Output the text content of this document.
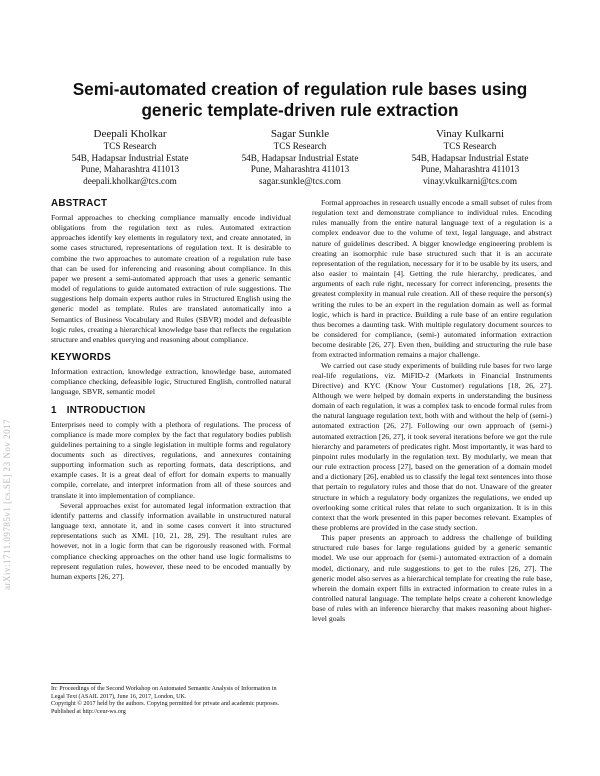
arXiv:1711.09785v1 [cs.SE] 23 Nov 2017
Semi-automated creation of regulation rule bases using generic template-driven rule extraction
Deepali Kholkar
TCS Research
54B, Hadapsar Industrial Estate
Pune, Maharashtra 411013
deepali.kholkar@tcs.com
Sagar Sunkle
TCS Research
54B, Hadapsar Industrial Estate
Pune, Maharashtra 411013
sagar.sunkle@tcs.com
Vinay Kulkarni
TCS Research
54B, Hadapsar Industrial Estate
Pune, Maharashtra 411013
vinay.vkulkarni@tcs.com
ABSTRACT

Formal approaches to checking compliance manually encode individual obligations from the regulation text as rules. Automated extraction approaches identify key elements in regulatory text, and create annotated, in some cases structured, representations of regulation text. It is desirable to combine the two approaches to automate creation of a regulation rule base that can be used for inferencing and reasoning about compliance. In this paper we present a semi-automated approach that uses a generic semantic model of regulations to guide automated extraction of rule suggestions. The suggestions help domain experts author rules in Structured English using the generic model as template. Rules are translated automatically into a Semantics of Business Vocabulary and Rules (SBVR) model and defeasible logic rules, creating a hierarchical knowledge base that reflects the regulation structure and enables querying and reasoning about compliance.

KEYWORDS

Information extraction, knowledge extraction, knowledge base, automated compliance checking, defeasible logic, Structured English, controlled natural language, SBVR, semantic model

1 INTRODUCTION

Enterprises need to comply with a plethora of regulations. The process of compliance is made more complex by the fact that regulatory bodies publish guidelines pertaining to a single legislation in multiple forms and regulatory documents such as directives, regulations, and annexures containing supporting information such as reporting formats, data descriptions, and example cases. It is a great deal of effort for domain experts to manually compile, correlate, and interpret information from all of these sources and translate it into implementation of compliance.

Several approaches exist for automated legal information extraction that identify patterns and classify information available in unstructured natural language text, annotate it, and in some cases convert it into structured representations such as XML [10, 21, 28, 29]. The resultant rules are however, not in a logic form that can be rigorously reasoned with. Formal compliance checking approaches on the other hand use logic formalisms to represent regulation rules, however, these need to be encoded manually by human experts [26, 27].

Formal approaches in research usually encode a small subset of rules from regulation text and demonstrate compliance to individual rules. Encoding rules manually from the entire natural language text of a regulation is a complex endeavor due to the volume of text, legal language, and abstract nature of guidelines described. A bigger knowledge engineering problem is creating an isomorphic rule base structured such that it is an accurate representation of the regulation, necessary for it to be usable by its users, and also easier to maintain [4]. Getting the rule hierarchy, predicates, and arguments of each rule right, necessary for correct inferencing, presents the greatest complexity in manual rule creation. All of these require the person(s) writing the rules to be an expert in the regulation domain as well as formal logic, which is hard in practice. Building a rule base of an entire regulation thus becomes a daunting task. With multiple regulatory document sources to be considered for compliance, (semi-) automated information extraction become desirable [26, 27]. Even then, building and structuring the rule base from extracted information remains a major challenge.

We carried out case study experiments of building rule bases for two large real-life regulations, viz. MiFID-2 (Markets in Financial Instruments Directive) and KYC (Know Your Customer) regulations [18, 26, 27]. Although we were helped by domain experts in understanding the business domain of each regulation, it was a complex task to encode formal rules from the natural language regulation text, both with and without the help of (semi-) automated extraction [26, 27]. Following our own approach of (semi-) automated extraction [26, 27], it took several iterations before we got the rule hierarchy and parameters of predicates right. Most importantly, it was hard to pinpoint rules modularly in the regulation text. By modularly, we mean that our rule extraction process [27], based on the generation of a domain model and a dictionary [26], enabled us to classify the legal text sentences into those that pertain to regulatory rules and those that do not. Unaware of the greater structure in which a regulatory body organizes the regulations, we ended up overlooking some critical rules that relate to such organization. It is in this context that the work presented in this paper becomes relevant. Examples of these problems are provided in the case study section.

This paper presents an approach to address the challenge of building structured rule bases for large regulations guided by a generic semantic model. We use our approach for (semi-) automated extraction of a domain model, dictionary, and rule suggestions to get to the rules [26, 27]. The generic model also serves as a hierarchical template for creating the rule base, wherein the domain expert fills in extracted information to create rules in a controlled natural language. The template helps create a coherent knowledge base of rules with an inference hierarchy that makes reasoning about higher-level goals

In: Proceedings of the Second Workshop on Automated Semantic Analysis of Information in Legal Text (ASAIL 2017), June 16, 2017, London, UK.
Copyright © 2017 held by the authors. Copying permitted for private and academic purposes.
Published at http://ceur-ws.org
